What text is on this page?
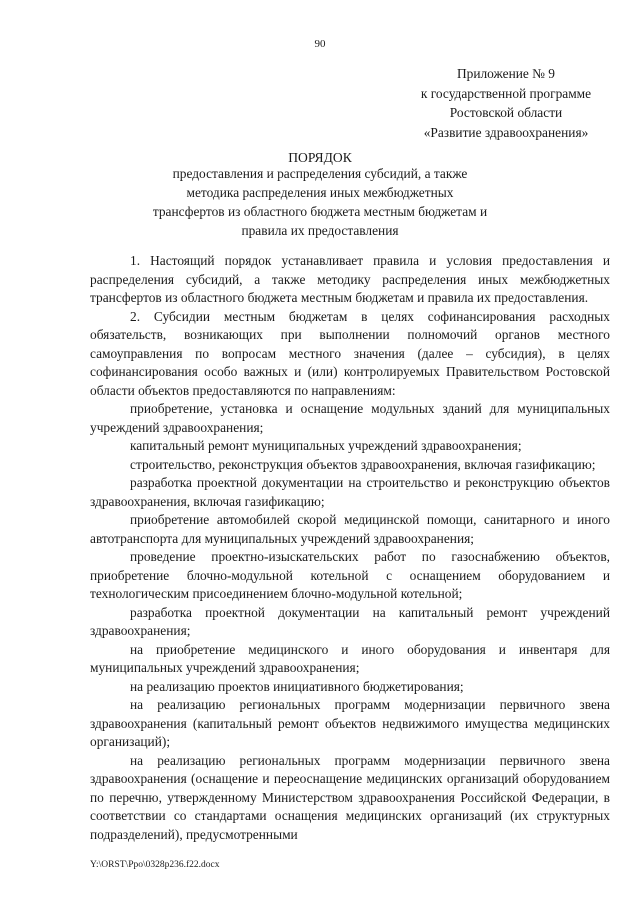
90
Приложение № 9
к государственной программе
Ростовской области
«Развитие здравоохранения»
ПОРЯДОК
предоставления и распределения субсидий, а также методика распределения иных межбюджетных трансфертов из областного бюджета местным бюджетам и правила их предоставления

1. Настоящий порядок устанавливает правила и условия предоставления и распределения субсидий, а также методику распределения иных межбюджетных трансфертов из областного бюджета местным бюджетам и правила их предоставления.

2. Субсидии местным бюджетам в целях софинансирования расходных обязательств, возникающих при выполнении полномочий органов местного самоуправления по вопросам местного значения (далее – субсидия), в целях софинансирования особо важных и (или) контролируемых Правительством Ростовской области объектов предоставляются по направлениям:

приобретение, установка и оснащение модульных зданий для муниципальных учреждений здравоохранения;

капитальный ремонт муниципальных учреждений здравоохранения;

строительство, реконструкция объектов здравоохранения, включая газификацию;

разработка проектной документации на строительство и реконструкцию объектов здравоохранения, включая газификацию;

приобретение автомобилей скорой медицинской помощи, санитарного и иного автотранспорта для муниципальных учреждений здравоохранения;

проведение проектно-изыскательских работ по газоснабжению объектов, приобретение блочно-модульной котельной с оснащением оборудованием и технологическим присоединением блочно-модульной котельной;

разработка проектной документации на капитальный ремонт учреждений здравоохранения;

на приобретение медицинского и иного оборудования и инвентаря для муниципальных учреждений здравоохранения;

на реализацию проектов инициативного бюджетирования;

на реализацию региональных программ модернизации первичного звена здравоохранения (капитальный ремонт объектов недвижимого имущества медицинских организаций);

на реализацию региональных программ модернизации первичного звена здравоохранения (оснащение и переоснащение медицинских организаций оборудованием по перечню, утвержденному Министерством здравоохранения Российской Федерации, в соответствии со стандартами оснащения медицинских организаций (их структурных подразделений), предусмотренными

Y:\ORST\Ppo\0328p236.f22.docx
